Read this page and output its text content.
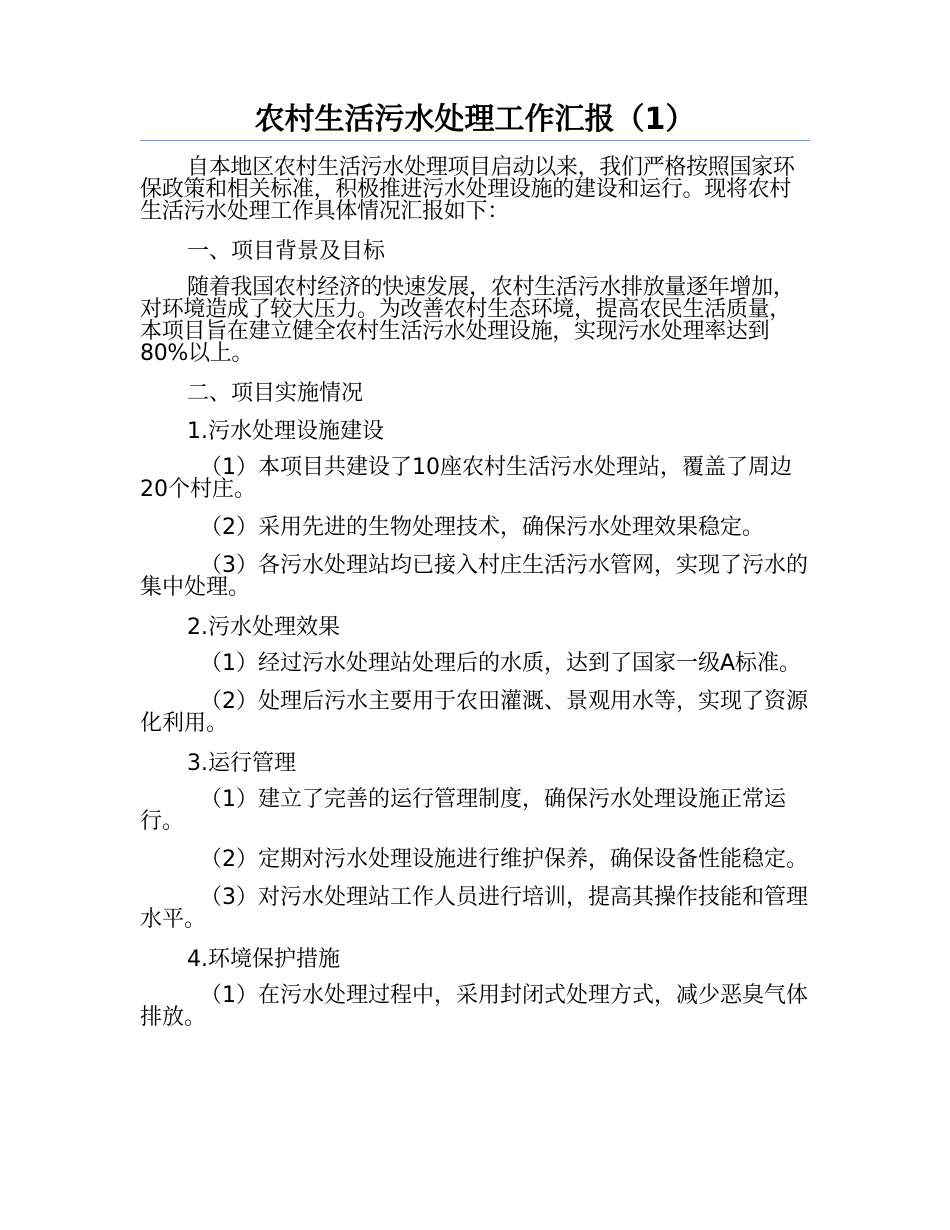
农村生活污水处理工作汇报（1）

自本地区农村生活污水处理项目启动以来，我们严格按照国家环保政策和相关标准，积极推进污水处理设施的建设和运行。现将农村生活污水处理工作具体情况汇报如下：

一、项目背景及目标

随着我国农村经济的快速发展，农村生活污水排放量逐年增加，对环境造成了较大压力。为改善农村生态环境，提高农民生活质量，本项目旨在建立健全农村生活污水处理设施，实现污水处理率达到80%以上。

二、项目实施情况

1.污水处理设施建设

（1）本项目共建设了10座农村生活污水处理站，覆盖了周边20个村庄。

（2）采用先进的生物处理技术，确保污水处理效果稳定。

（3）各污水处理站均已接入村庄生活污水管网，实现了污水的集中处理。

2.污水处理效果

（1）经过污水处理站处理后的水质，达到了国家一级A标准。

（2）处理后污水主要用于农田灌溉、景观用水等，实现了资源化利用。

3.运行管理

（1）建立了完善的运行管理制度，确保污水处理设施正常运行。

（2）定期对污水处理设施进行维护保养，确保设备性能稳定。

（3）对污水处理站工作人员进行培训，提高其操作技能和管理水平。

4.环境保护措施

（1）在污水处理过程中，采用封闭式处理方式，减少恶臭气体排放。
